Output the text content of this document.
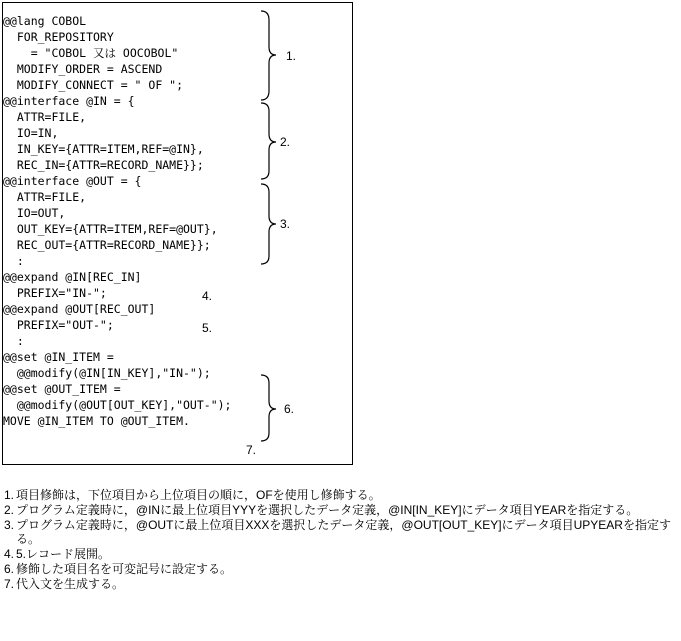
@@lang COBOL
FOR_REPOSITORY
= "COBOL 又は OOCOBOL"
MODIFY_ORDER = ASCEND
MODIFY_CONNECT = " OF ";
@@interface @IN = {
ATTR=FILE,
IO=IN,
IN_KEY={ATTR=ITEM,REF=@IN},
REC_IN={ATTR=RECORD_NAME}};
@@interface @OUT = {
ATTR=FILE,
IO=OUT,
OUT_KEY={ATTR=ITEM,REF=@OUT},
REC_OUT={ATTR=RECORD_NAME}};
:
@@expand @IN[REC_IN]
PREFIX="IN-";
@@expand @OUT[REC_OUT]
PREFIX="OUT-";
:
@@set @IN_ITEM =
@@modify(@IN[IN_KEY],"IN-");
@@set @OUT_ITEM =
@@modify(@OUT[OUT_KEY],"OUT-");
MOVE @IN_ITEM TO @OUT_ITEM.
1.
2.
3.
4.
5.
6.
7.
1. 項目修飾は，下位項目から上位項目の順に，OFを使用し修飾する。
2. プログラム定義時に，@INに最上位項目YYYを選択したデータ定義，@IN[IN_KEY]にデータ項目YEARを指定する。
3. プログラム定義時に，@OUTに最上位項目XXXを選択したデータ定義，@OUT[OUT_KEY]にデータ項目UPYEARを指定する。
4. 5.レコード展開。
6. 修飾した項目名を可変記号に設定する。
7. 代入文を生成する。
